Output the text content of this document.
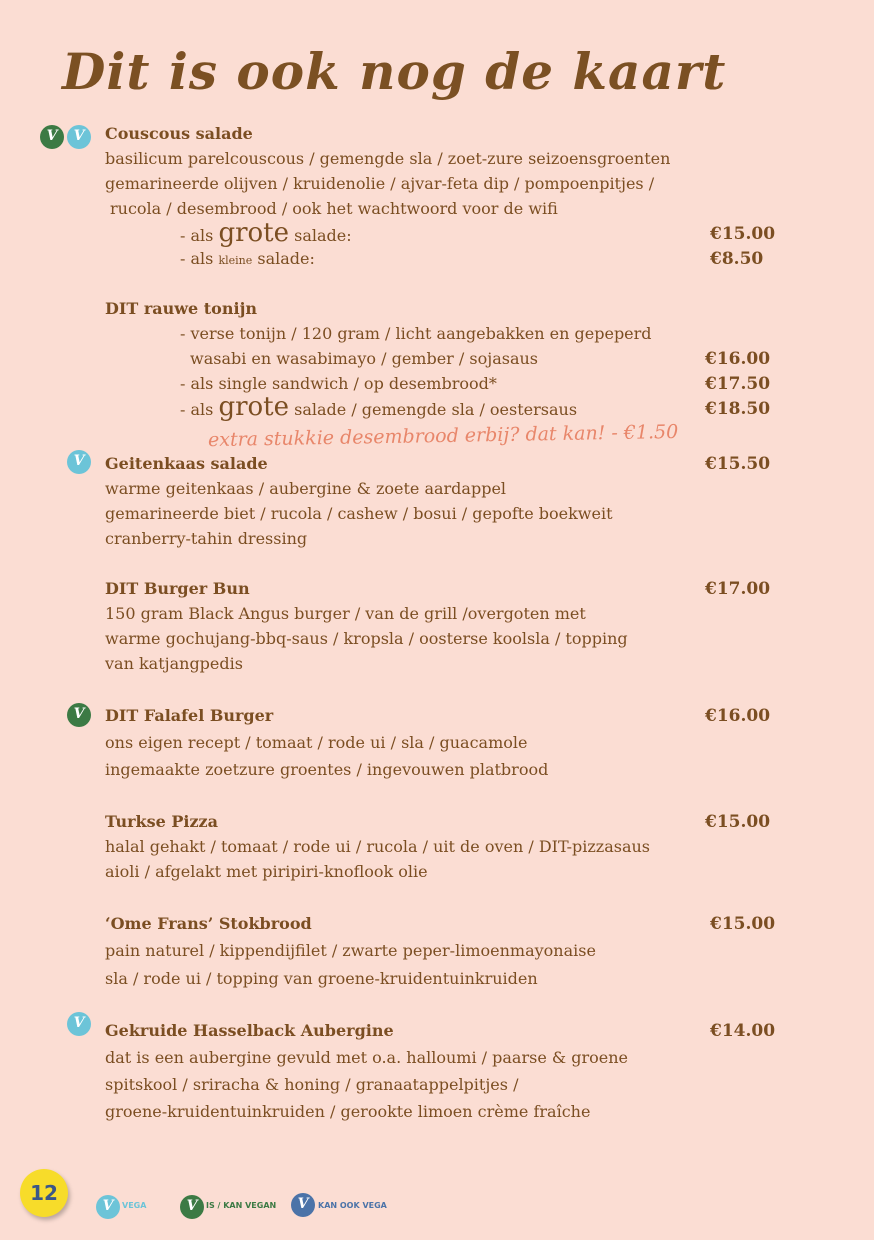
Dit is ook nog de kaart
V	V	Couscous salade
basilicum parelcouscous / gemengde sla / zoet-zure seizoensgroenten
gemarineerde olijven / kruidenolie / ajvar-feta dip / pompoenpitjes /
rucola / desembrood / ook het wachtwoord voor de wifi
- als grote salade:	€15.00
- als kleine salade:	€8.50
DIT rauwe tonijn
- verse tonijn / 120 gram / licht aangebakken en gepeperd
wasabi en wasabimayo / gember / sojasaus	€16.00
- als single sandwich / op desembrood*	€17.50
- als grote salade / gemengde sla / oestersaus	€18.50
extra stukkie desembrood erbij? dat kan! - €1.50
V	Geitenkaas salade	€15.50
warme geitenkaas / aubergine & zoete aardappel
gemarineerde biet / rucola / cashew / bosui / gepofte boekweit
cranberry-tahin dressing
DIT Burger Bun	€17.00
150 gram Black Angus burger / van de grill /overgoten met
warme gochujang-bbq-saus / kropsla / oosterse koolsla / topping
van katjangpedis
V	DIT Falafel Burger	€16.00
ons eigen recept / tomaat / rode ui / sla / guacamole
ingemaakte zoetzure groentes / ingevouwen platbrood
Turkse Pizza	€15.00
halal gehakt / tomaat / rode ui / rucola / uit de oven / DIT-pizzasaus
aioli / afgelakt met piripiri-knoflook olie
‘Ome Frans’ Stokbrood	€15.00
pain naturel / kippendijfilet / zwarte peper-limoenmayonaise
sla / rode ui / topping van groene-kruidentuinkruiden
V	Gekruide Hasselback Aubergine	€14.00
dat is een aubergine gevuld met o.a. halloumi / paarse & groene
spitskool / sriracha & honing / granaatappelpitjes /
groene-kruidentuinkruiden / gerookte limoen crème fraîche
12
V	VEGA	V	IS / KAN VEGAN	V	KAN OOK VEGA
